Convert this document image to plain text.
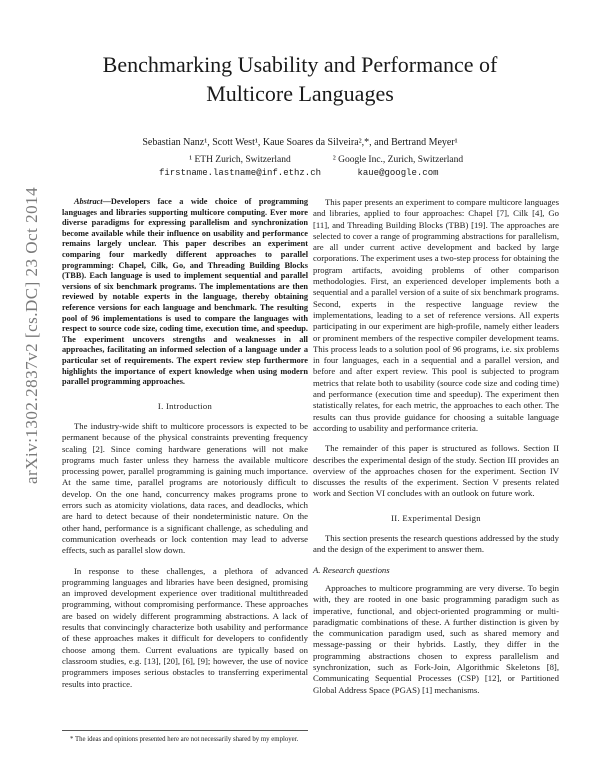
arXiv:1302.2837v2 [cs.DC] 23 Oct 2014
Benchmarking Usability and Performance of
Multicore Languages
Sebastian Nanz¹, Scott West¹, Kaue Soares da Silveira²,*, and Bertrand Meyer¹
¹ ETH Zurich, Switzerland
firstname.lastname@inf.ethz.ch
² Google Inc., Zurich, Switzerland
kaue@google.com

Abstract—Developers face a wide choice of programming languages and libraries supporting multicore computing. Ever more diverse paradigms for expressing parallelism and synchronization become available while their influence on usability and performance remains largely unclear. This paper describes an experiment comparing four markedly different approaches to parallel programming: Chapel, Cilk, Go, and Threading Building Blocks (TBB). Each language is used to implement sequential and parallel versions of six benchmark programs. The implementations are then reviewed by notable experts in the language, thereby obtaining reference versions for each language and benchmark. The resulting pool of 96 implementations is used to compare the languages with respect to source code size, coding time, execution time, and speedup. The experiment uncovers strengths and weaknesses in all approaches, facilitating an informed selection of a language under a particular set of requirements. The expert review step furthermore highlights the importance of expert knowledge when using modern parallel programming approaches.

I. Introduction

The industry-wide shift to multicore processors is expected to be permanent because of the physical constraints preventing frequency scaling [2]. Since coming hardware generations will not make programs much faster unless they harness the available multicore processing power, parallel programming is gaining much importance. At the same time, parallel programs are notoriously difficult to develop. On the one hand, concurrency makes programs prone to errors such as atomicity violations, data races, and deadlocks, which are hard to detect because of their nondeterministic nature. On the other hand, performance is a significant challenge, as scheduling and communication overheads or lock contention may lead to adverse effects, such as parallel slow down.

In response to these challenges, a plethora of advanced programming languages and libraries have been designed, promising an improved development experience over traditional multithreaded programming, without compromising performance. These approaches are based on widely different programming abstractions. A lack of results that convincingly characterize both usability and performance of these approaches makes it difficult for developers to confidently choose among them. Current evaluations are typically based on classroom studies, e.g. [13], [20], [6], [9]; however, the use of novice programmers imposes serious obstacles to transferring experimental results into practice.

* The ideas and opinions presented here are not necessarily shared by my employer.

This paper presents an experiment to compare multicore languages and libraries, applied to four approaches: Chapel [7], Cilk [4], Go [11], and Threading Building Blocks (TBB) [19]. The approaches are selected to cover a range of programming abstractions for parallelism, are all under current active development and backed by large corporations. The experiment uses a two-step process for obtaining the program artifacts, avoiding problems of other comparison methodologies. First, an experienced developer implements both a sequential and a parallel version of a suite of six benchmark programs. Second, experts in the respective language review the implementations, leading to a set of reference versions. All experts participating in our experiment are high-profile, namely either leaders or prominent members of the respective compiler development teams. This process leads to a solution pool of 96 programs, i.e. six problems in four languages, each in a sequential and a parallel version, and before and after expert review. This pool is subjected to program metrics that relate both to usability (source code size and coding time) and performance (execution time and speedup). The experiment then statistically relates, for each metric, the approaches to each other. The results can thus provide guidance for choosing a suitable language according to usability and performance criteria.

The remainder of this paper is structured as follows. Section II describes the experimental design of the study. Section III provides an overview of the approaches chosen for the experiment. Section IV discusses the results of the experiment. Section V presents related work and Section VI concludes with an outlook on future work.

II. Experimental Design

This section presents the research questions addressed by the study and the design of the experiment to answer them.

A. Research questions

Approaches to multicore programming are very diverse. To begin with, they are rooted in one basic programming paradigm such as imperative, functional, and object-oriented programming or multi-paradigmatic combinations of these. A further distinction is given by the communication paradigm used, such as shared memory and message-passing or their hybrids. Lastly, they differ in the programming abstractions chosen to express parallelism and synchronization, such as Fork-Join, Algorithmic Skeletons [8], Communicating Sequential Processes (CSP) [12], or Partitioned Global Address Space (PGAS) [1] mechanisms.
